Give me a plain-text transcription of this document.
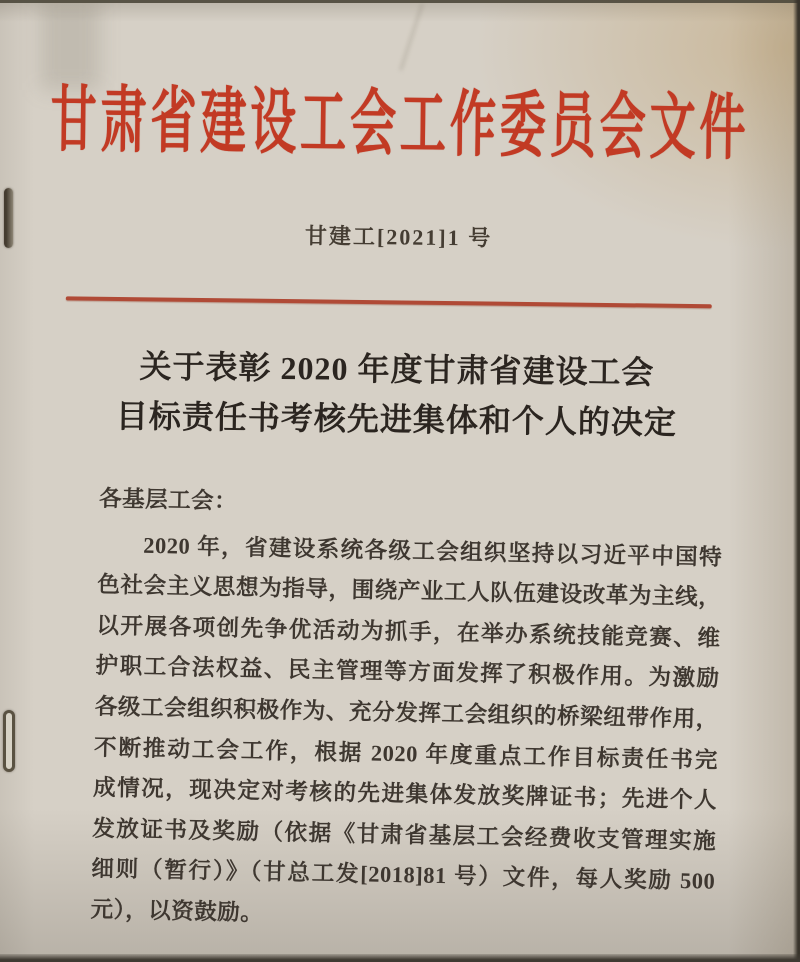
甘肃省建设工会工作委员会文件
甘建工[2021]1 号
关于表彰 2020 年度甘肃省建设工会
目标责任书考核先进集体和个人的决定
各基层工会：
2020 年，省建设系统各级工会组织坚持以习近平中国特
色社会主义思想为指导，围绕产业工人队伍建设改革为主线，
以开展各项创先争优活动为抓手，在举办系统技能竞赛、维
护职工合法权益、民主管理等方面发挥了积极作用。为激励
各级工会组织积极作为、充分发挥工会组织的桥梁纽带作用，
不断推动工会工作，根据 2020 年度重点工作目标责任书完
成情况，现决定对考核的先进集体发放奖牌证书；先进个人
发放证书及奖励（依据《甘肃省基层工会经费收支管理实施
细则（暂行）》（甘总工发[2018]81 号）文件，每人奖励 500
元），以资鼓励。
